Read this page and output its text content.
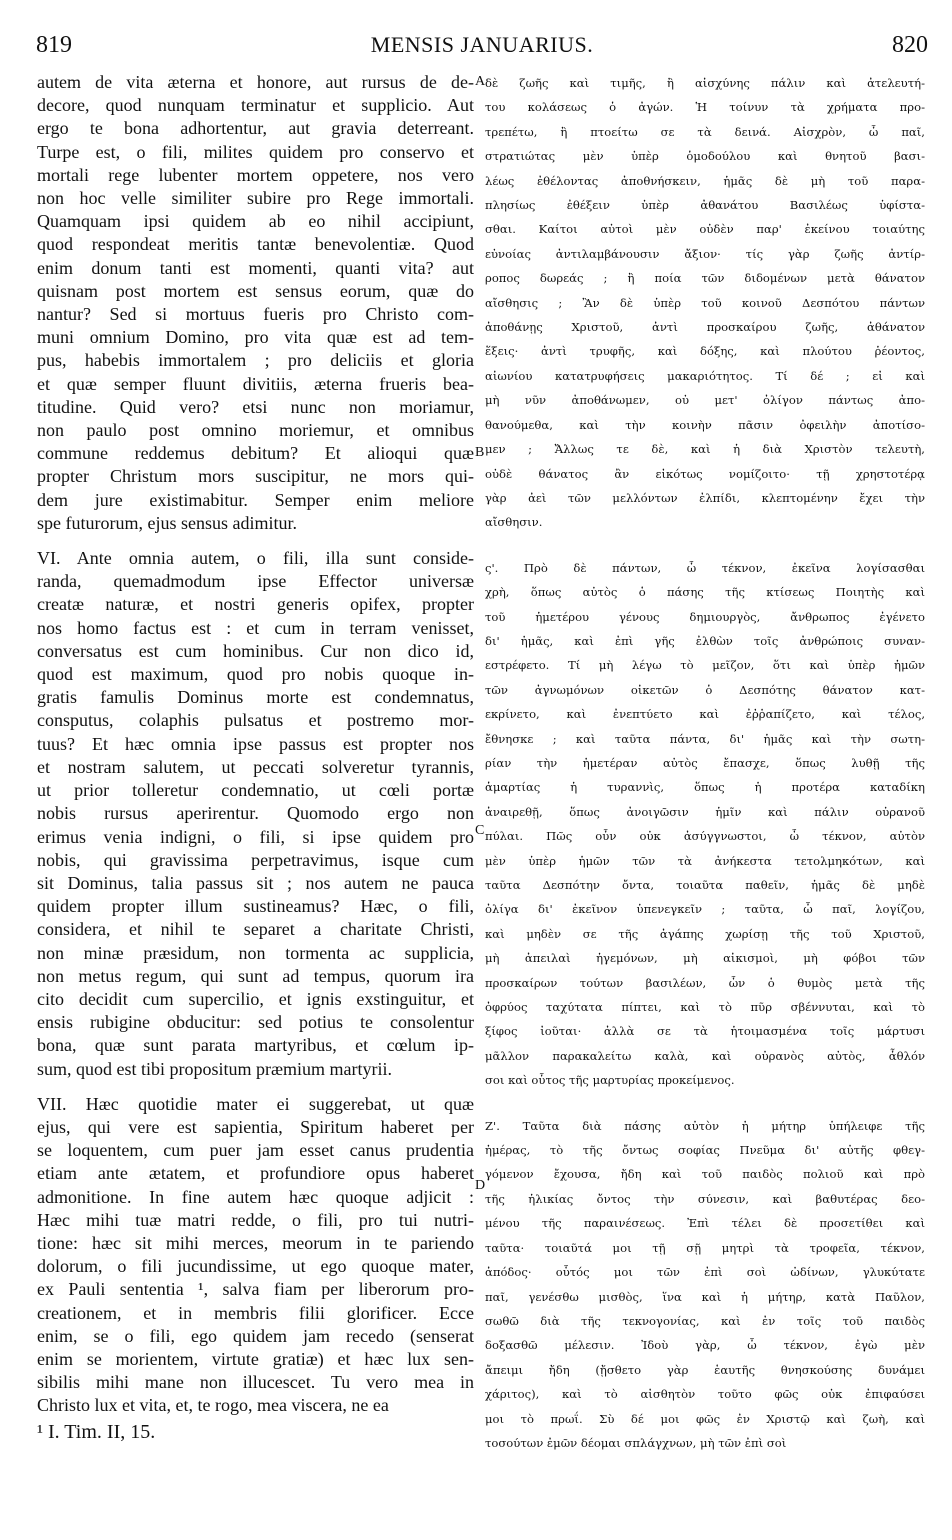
819	MENSIS JANUARIUS.	820
autem de vita æterna et honore, aut rursus de de-
decore, quod nunquam terminatur et supplicio. Aut
ergo te bona adhortentur, aut gravia deterreant.
Turpe est, o fili, milites quidem pro conservo et
mortali rege lubenter mortem oppetere, nos vero
non hoc velle similiter subire pro Rege immortali.
Quamquam ipsi quidem ab eo nihil accipiunt,
quod respondeat meritis tantæ benevolentiæ. Quod
enim donum tanti est momenti, quanti vita? aut
quisnam post mortem est sensus eorum, quæ do
nantur? Sed si mortuus fueris pro Christo com-
muni omnium Domino, pro vita quæ est ad tem-
pus, habebis immortalem ; pro deliciis et gloria
et quæ semper fluunt divitiis, æterna frueris bea-
titudine. Quid vero? etsi nunc non moriamur,
non paulo post omnino moriemur, et omnibus
commune reddemus debitum? Et alioqui quæ
propter Christum mors suscipitur, ne mors qui-
dem jure existimabitur. Semper enim meliore
spe futurorum, ejus sensus adimitur.
VI. Ante omnia autem, o fili, illa sunt conside-
randa, quemadmodum ipse Effector universæ
creatæ naturæ, et nostri generis opifex, propter
nos homo factus est : et cum in terram venisset,
conversatus est cum hominibus. Cur non dico id,
quod est maximum, quod pro nobis quoque in-
gratis famulis Dominus morte est condemnatus,
consputus, colaphis pulsatus et postremo mor-
tuus? Et hæc omnia ipse passus est propter nos
et nostram salutem, ut peccati solveretur tyrannis,
ut prior tolleretur condemnatio, ut cœli portæ
nobis rursus aperirentur. Quomodo ergo non
erimus venia indigni, o fili, si ipse quidem pro
nobis, qui gravissima perpetravimus, isque cum
sit Dominus, talia passus sit ; nos autem ne pauca
quidem propter illum sustineamus? Hæc, o fili,
considera, et nihil te separet a charitate Christi,
non minæ præsidum, non tormenta ac supplicia,
non metus regum, qui sunt ad tempus, quorum ira
cito decidit cum supercilio, et ignis exstinguitur, et
ensis rubigine obducitur: sed potius te consolentur
bona, quæ sunt parata martyribus, et cœlum ip-
sum, quod est tibi propositum præmium martyrii.
VII. Hæc quotidie mater ei suggerebat, ut quæ
ejus, qui vere est sapientia, Spiritum haberet per
se loquentem, cum puer jam esset canus prudentia
etiam ante ætatem, et profundiore opus haberet
admonitione. In fine autem hæc quoque adjicit :
Hæc mihi tuæ matri redde, o fili, pro tui nutri-
tione: hæc sit mihi merces, meorum in te pariendo
dolorum, o fili jucundissime, ut ego quoque mater,
ex Pauli sententia ¹, salva fiam per liberorum pro-
creationem, et in membris filii glorificer. Ecce
enim, se o fili, ego quidem jam recedo (senserat
enim se morientem, virtute gratiæ) et hæc lux sen-
sibilis mihi mane non illucescet. Tu vero mea in
Christo lux et vita, et, te rogo, mea viscera, ne ea
δὲ ζωῆς καὶ τιμῆς, ἢ αἰσχύνης πάλιν καὶ ἀτελευτή-
του κολάσεως ὁ ἀγών. Ἡ τοίνυν τὰ χρήματα προ-
τρεπέτω, ἢ πτοείτω σε τὰ δεινά. Αἰσχρὸν, ὦ παῖ,
στρατιώτας μὲν ὑπὲρ ὁμοδούλου καὶ θνητοῦ βασι-
λέως ἐθέλοντας ἀποθνήσκειν, ἡμᾶς δὲ μὴ τοῦ παρα-
πλησίως ἐθέξειν ὑπὲρ ἀθανάτου Βασιλέως ὑφίστα-
σθαι. Καίτοι αὐτοὶ μὲν οὐδὲν παρ' ἐκείνου τοιαύτης
εὐνοίας ἀντιλαμβάνουσιν ἄξιον· τίς γὰρ ζωῆς ἀντίρ-
ροπος δωρεάς ; ἢ ποία τῶν διδομένων μετὰ θάνατον
αἴσθησις ; Ἂν δὲ ὑπὲρ τοῦ κοινοῦ Δεσπότου πάντων
ἀποθάνῃς Χριστοῦ, ἀντὶ προσκαίρου ζωῆς, ἀθάνατον
ἕξεις· ἀντὶ τρυφῆς, καὶ δόξης, καὶ πλούτου ῥέοντος,
αἰωνίου κατατρυφήσεις μακαριότητος. Τί δέ ; εἰ καὶ
μὴ νῦν ἀποθάνωμεν, οὐ μετ' ὀλίγον πάντως ἀπο-
θανούμεθα, καὶ τὴν κοινὴν πᾶσιν ὀφειλὴν ἀποτίσο-
μεν ; Ἄλλως τε δὲ, καὶ ἡ διὰ Χριστὸν τελευτὴ,
οὐδὲ θάνατος ἂν εἰκότως νομίζοιτο· τῇ χρηστοτέρᾳ
γὰρ ἀεὶ τῶν μελλόντων ἐλπίδι, κλεπτομένην ἔχει τὴν
αἴσθησιν.
ς'. Πρὸ δὲ πάντων, ὦ τέκνον, ἐκεῖνα λογίσασθαι
χρὴ, ὅπως αὐτὸς ὁ πάσης τῆς κτίσεως Ποιητὴς καὶ
τοῦ ἡμετέρου γένους δημιουργὸς, ἄνθρωπος ἐγένετο
δι' ἡμᾶς, καὶ ἐπὶ γῆς ἐλθὼν τοῖς ἀνθρώποις συναν-
εστρέφετο. Τί μὴ λέγω τὸ μεῖζον, ὅτι καὶ ὑπὲρ ἡμῶν
τῶν ἀγνωμόνων οἰκετῶν ὁ Δεσπότης θάνατον κατ-
εκρίνετο, καὶ ἐνεπτύετο καὶ ἐῤῥαπίζετο, καὶ τέλος,
ἔθνησκε ; καὶ ταῦτα πάντα, δι' ἡμᾶς καὶ τὴν σωτη-
ρίαν τὴν ἡμετέραν αὐτὸς ἔπασχε, ὅπως λυθῇ τῆς
ἁμαρτίας ἡ τυραννὶς, ὅπως ἡ προτέρα καταδίκη
ἀναιρεθῇ, ὅπως ἀνοιγῶσιν ἡμῖν καὶ πάλιν οὐρανοῦ
πύλαι. Πῶς οὖν οὐκ ἀσύγγνωστοι, ὦ τέκνον, αὐτὸν
μὲν ὑπὲρ ἡμῶν τῶν τὰ ἀνήκεστα τετολμηκότων, καὶ
ταῦτα Δεσπότην ὄντα, τοιαῦτα παθεῖν, ἡμᾶς δὲ μηδὲ
ὀλίγα δι' ἐκεῖνον ὑπενεγκεῖν ; ταῦτα, ὦ παῖ, λογίζου,
καὶ μηδὲν σε τῆς ἀγάπης χωρίσῃ τῆς τοῦ Χριστοῦ,
μὴ ἀπειλαὶ ἡγεμόνων, μὴ αἰκισμοὶ, μὴ φόβοι τῶν
προσκαίρων τούτων βασιλέων, ὧν ὁ θυμὸς μετὰ τῆς
ὀφρύος ταχύτατα πίπτει, καὶ τὸ πῦρ σβέννυται, καὶ τὸ
ξίφος ἰοῦται· ἀλλὰ σε τὰ ἡτοιμασμένα τοῖς μάρτυσι
μᾶλλον παρακαλείτω καλὰ, καὶ οὐρανὸς αὐτὸς, ἆθλόν
σοι καὶ οὗτος τῆς μαρτυρίας προκείμενος.
Ζ'. Ταῦτα διὰ πάσης αὐτὸν ἡ μήτηρ ὑπήλειφε τῆς
ἡμέρας, τὸ τῆς ὄντως σοφίας Πνεῦμα δι' αὐτῆς φθεγ-
γόμενον ἔχουσα, ἤδη καὶ τοῦ παιδὸς πολιοῦ καὶ πρὸ
τῆς ἡλικίας ὄντος τὴν σύνεσιν, καὶ βαθυτέρας δεο-
μένου τῆς παραινέσεως. Ἐπὶ τέλει δὲ προσετίθει καὶ
ταῦτα· τοιαῦτά μοι τῇ σῇ μητρὶ τὰ τροφεῖα, τέκνον,
ἀπόδος· οὗτός μοι τῶν ἐπὶ σοὶ ὠδίνων, γλυκύτατε
παῖ, γενέσθω μισθὸς, ἵνα καὶ ἡ μήτηρ, κατὰ Παῦλον,
σωθῶ διὰ τῆς τεκνογονίας, καὶ ἐν τοῖς τοῦ παιδὸς
δοξασθῶ μέλεσιν. Ἰδοὺ γὰρ, ὦ τέκνον, ἐγὼ μὲν
ἄπειμι ἤδη (ᾔσθετο γὰρ ἑαυτῆς θνησκούσης δυνάμει
χάριτος), καὶ τὸ αἰσθητὸν τοῦτο φῶς οὐκ ἐπιφαύσει
μοι τὸ πρωΐ. Σὺ δέ μοι φῶς ἐν Χριστῷ καὶ ζωὴ, καὶ
τοσούτων ἐμῶν δέομαι σπλάγχνων, μὴ τῶν ἐπὶ σοὶ
A
B
C
D
¹ I. Tim. II, 15.
